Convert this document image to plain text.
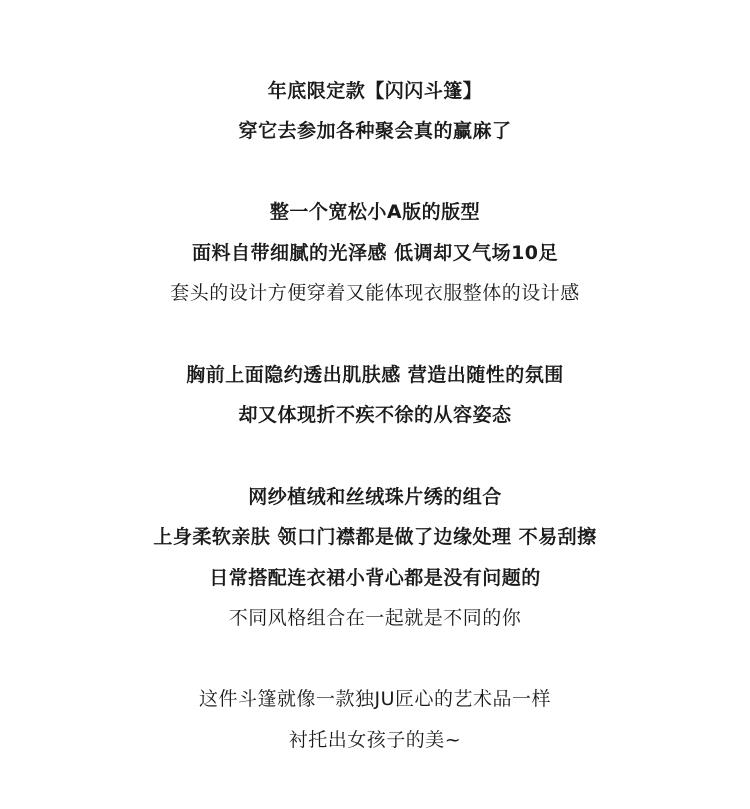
年底限定款【闪闪斗篷】
穿它去参加各种聚会真的赢麻了
整一个宽松小A版的版型
面料自带细腻的光泽感 低调却又气场10足
套头的设计方便穿着又能体现衣服整体的设计感
胸前上面隐约透出肌肤感 营造出随性的氛围
却又体现折不疾不徐的从容姿态
网纱植绒和丝绒珠片绣的组合
上身柔软亲肤 领口门襟都是做了边缘处理 不易刮擦
日常搭配连衣裙小背心都是没有问题的
不同风格组合在一起就是不同的你
这件斗篷就像一款独JU匠心的艺术品一样
衬托出女孩子的美~
